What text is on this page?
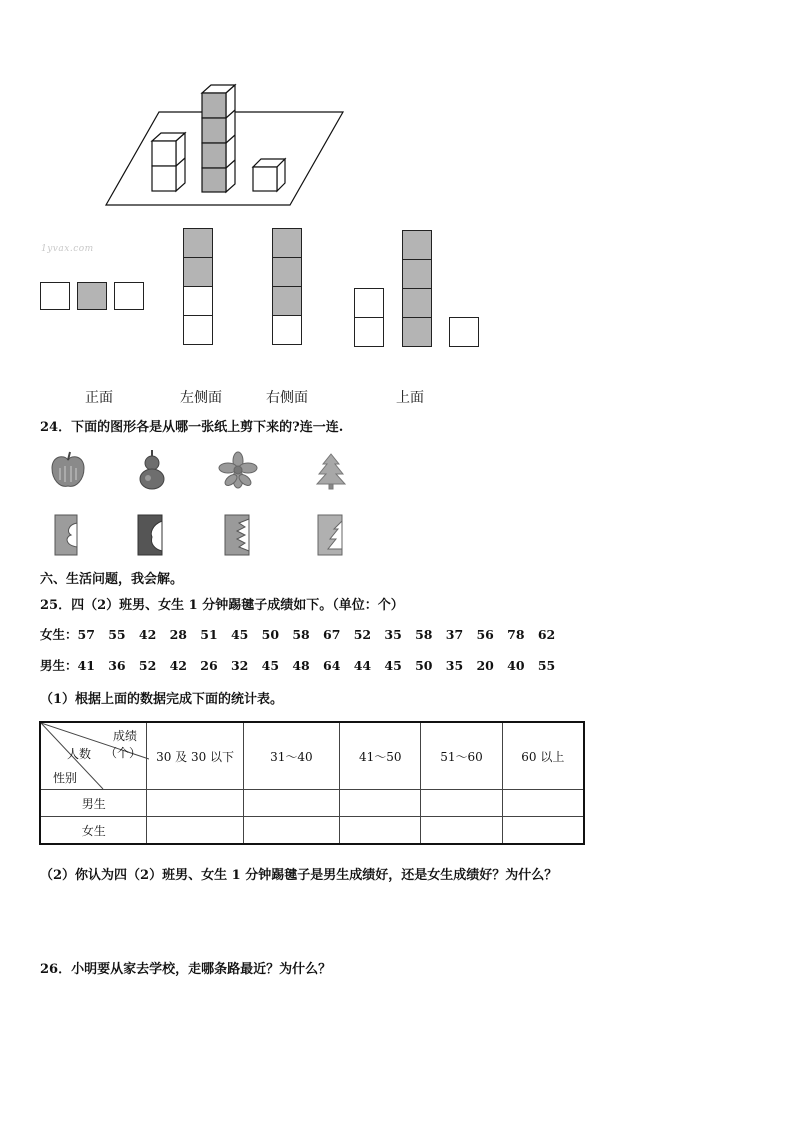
1yvax.com
正面	左侧面	右侧面	上面
24．下面的图形各是从哪一张纸上剪下来的?连一连.
六、生活问题，我会解。
25．四（2）班男、女生 1 分钟踢毽子成绩如下。（单位：个）
女生：57 55 42 28 51 45 50 58 67 52 35 58 37 56 78 62
男生：41 36 52 42 26 32 45 48 64 44 45 50 35 20 40 55
（1）根据上面的数据完成下面的统计表。
成绩
（个）
人数
性别	30 及 30 以下	31～40	41～50	51～60	60 以上
男生					
女生					
（2）你认为四（2）班男、女生 1 分钟踢毽子是男生成绩好，还是女生成绩好？为什么？
26．小明要从家去学校，走哪条路最近？为什么？
